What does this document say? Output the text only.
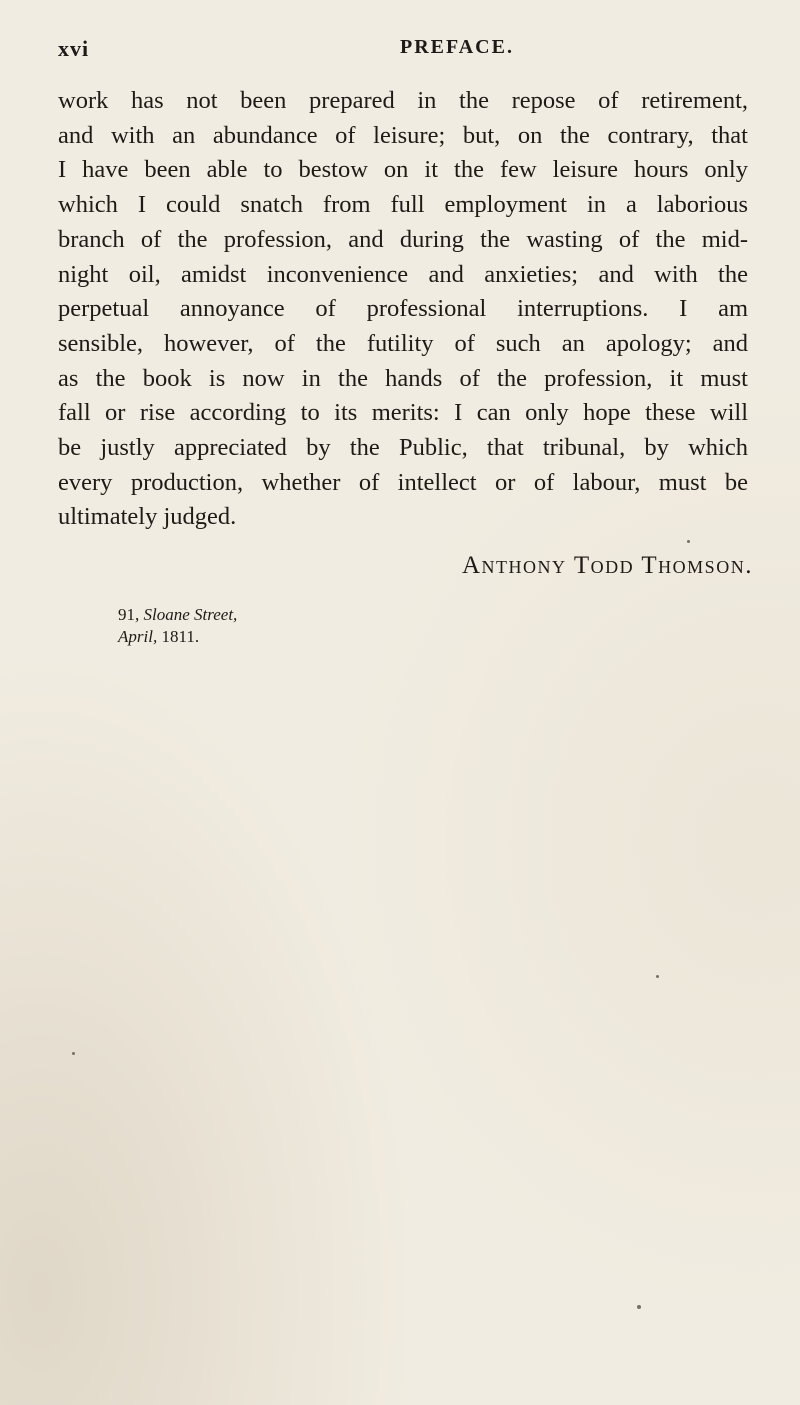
xvi	PREFACE.
work has not been prepared in the repose of retirement,
and with an abundance of leisure; but, on the contrary, that
I have been able to bestow on it the few leisure hours only
which I could snatch from full employment in a laborious
branch of the profession, and during the wasting of the mid-
night oil, amidst inconvenience and anxieties; and with the
perpetual annoyance of professional interruptions. I am
sensible, however, of the futility of such an apology; and
as the book is now in the hands of the profession, it must
fall or rise according to its merits: I can only hope these will
be justly appreciated by the Public, that tribunal, by which
every production, whether of intellect or of labour, must be
ultimately judged.
Anthony Todd Thomson.
91, Sloane Street,
April, 1811.
